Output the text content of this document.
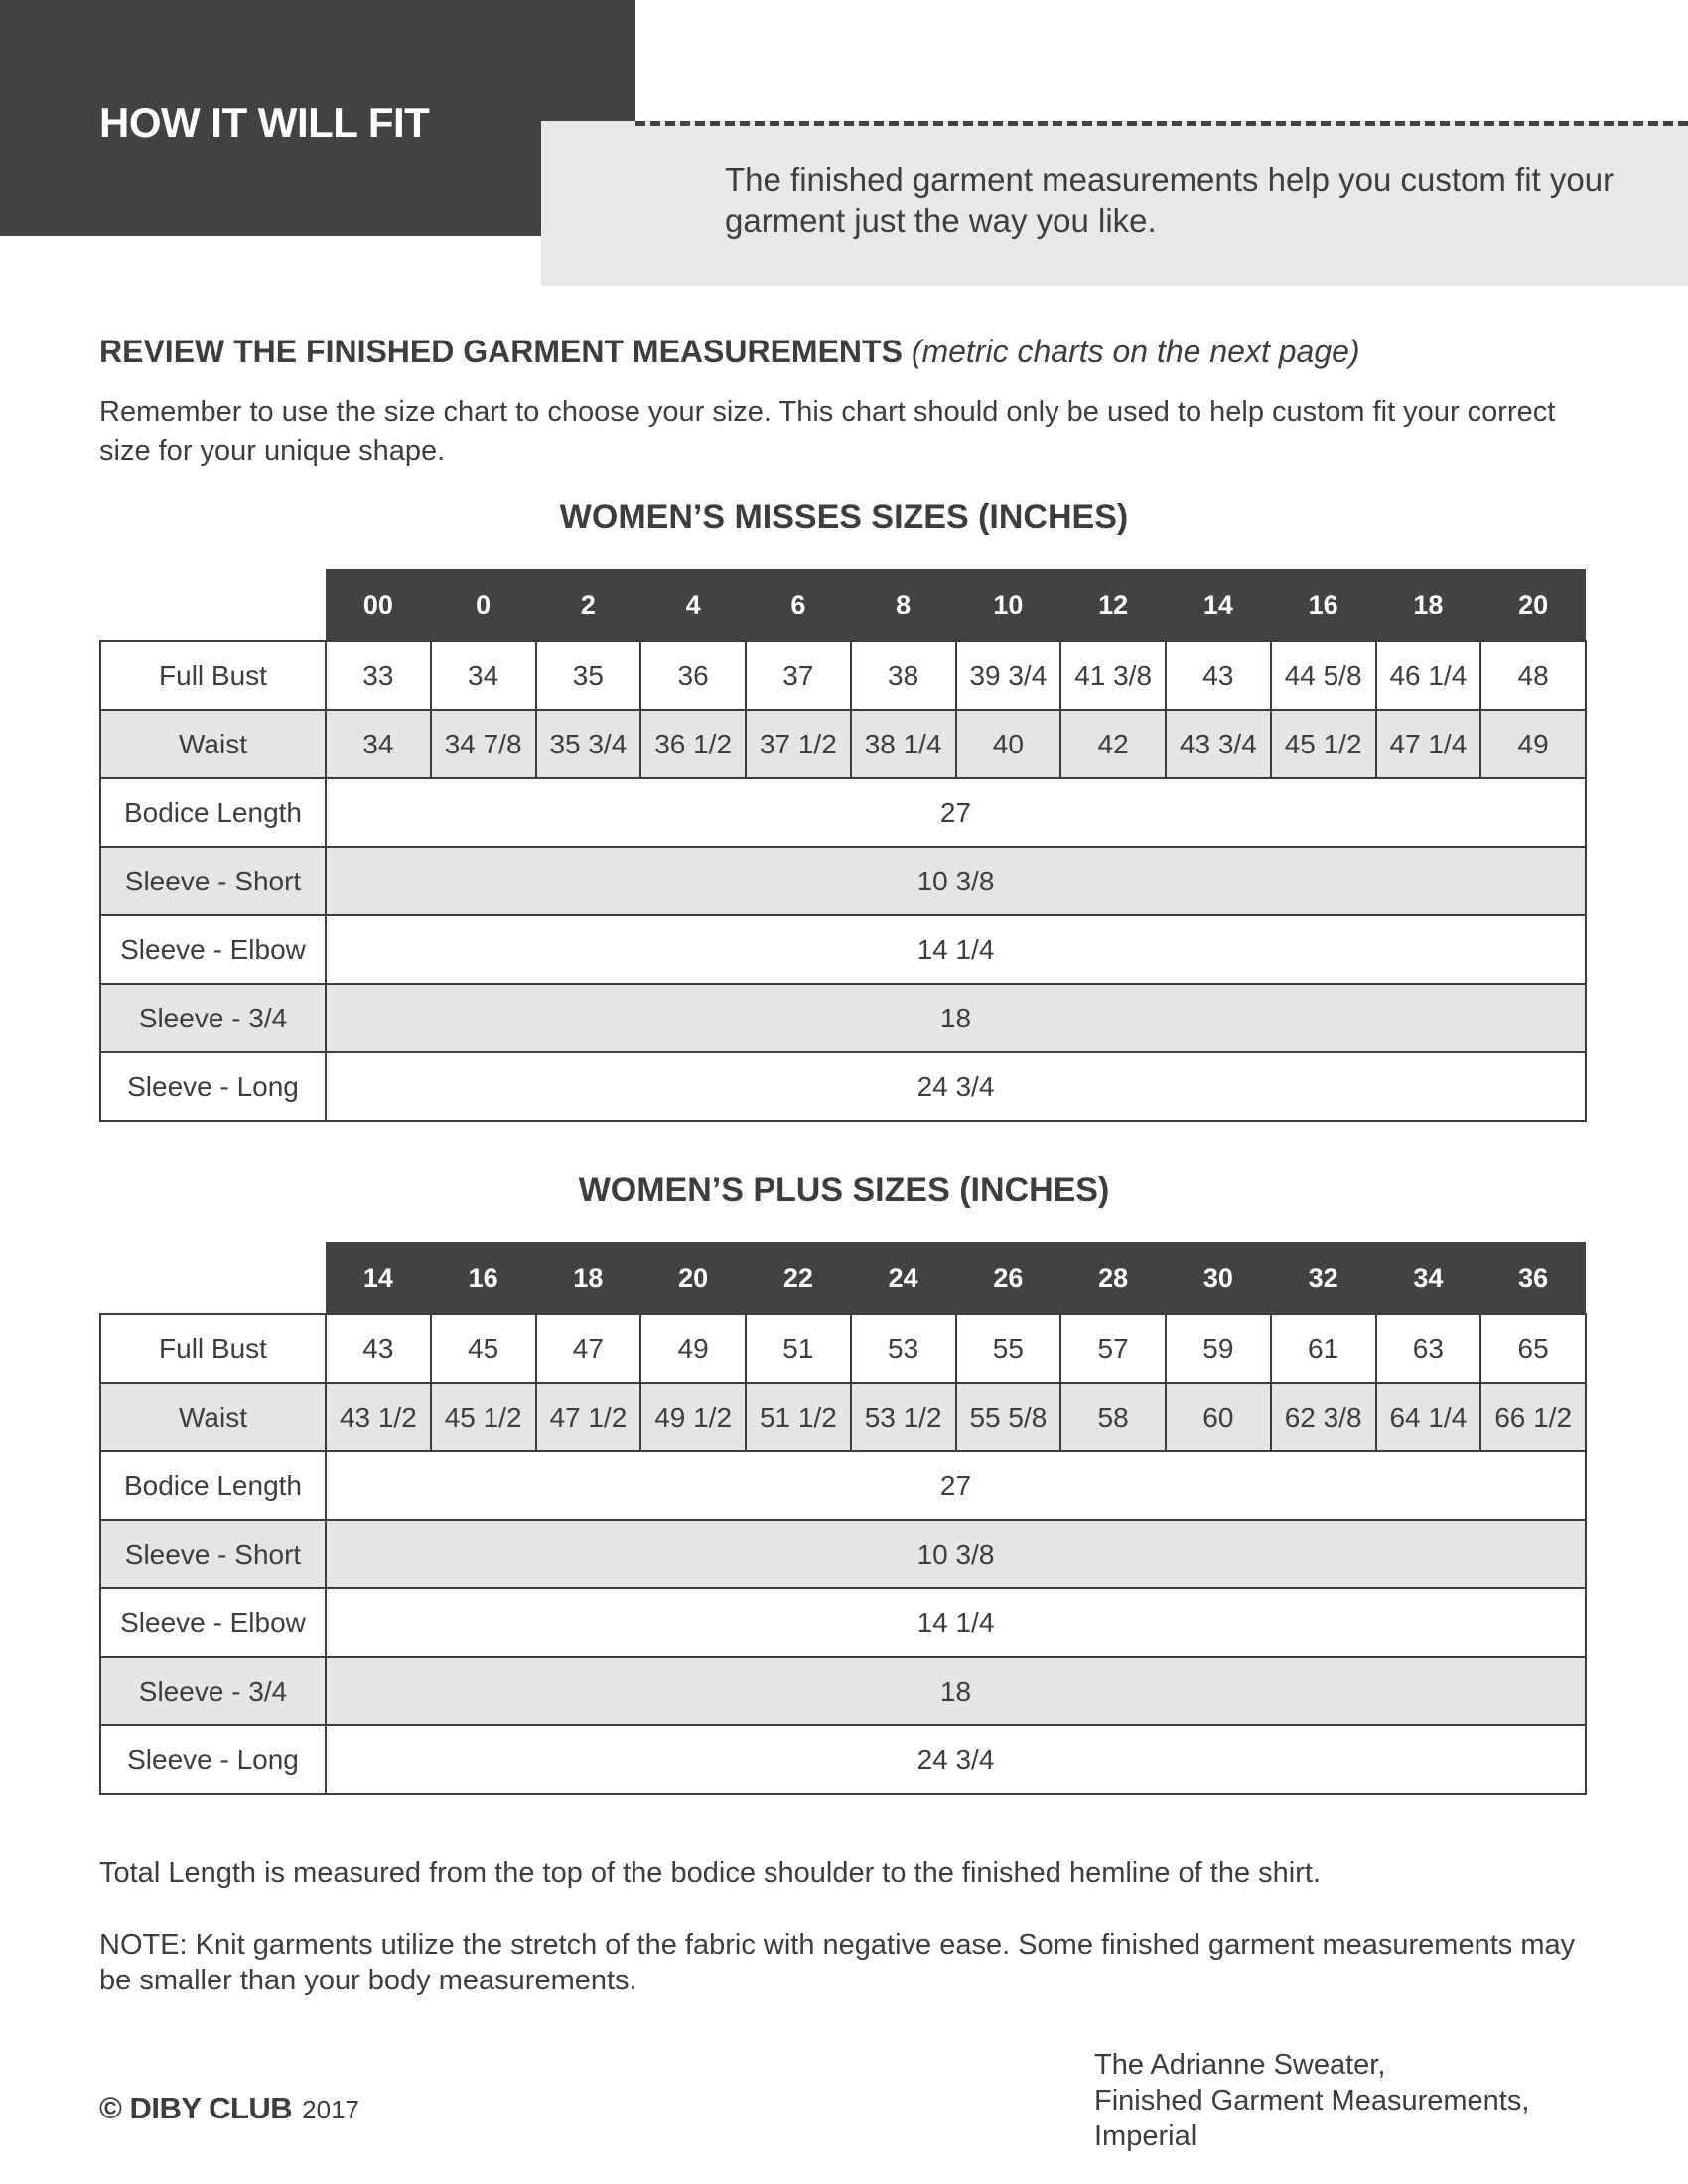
HOW IT WILL FIT
The finished garment measurements help you custom fit your garment just the way you like.
REVIEW THE FINISHED GARMENT MEASUREMENTS (metric charts on the next page)
Remember to use the size chart to choose your size. This chart should only be used to help custom fit your correct size for your unique shape.
WOMEN’S MISSES SIZES (INCHES)
	00	0	2	4	6	8	10	12	14	16	18	20
Full Bust	33	34	35	36	37	38	39 3/4	41 3/8	43	44 5/8	46 1/4	48
Waist	34	34 7/8	35 3/4	36 1/2	37 1/2	38 1/4	40	42	43 3/4	45 1/2	47 1/4	49
Bodice Length	27											
Sleeve - Short	10 3/8											
Sleeve - Elbow	14 1/4											
Sleeve - 3/4	18											
Sleeve - Long	24 3/4											
WOMEN’S PLUS SIZES (INCHES)
	14	16	18	20	22	24	26	28	30	32	34	36
Full Bust	43	45	47	49	51	53	55	57	59	61	63	65
Waist	43 1/2	45 1/2	47 1/2	49 1/2	51 1/2	53 1/2	55 5/8	58	60	62 3/8	64 1/4	66 1/2
Bodice Length	27											
Sleeve - Short	10 3/8											
Sleeve - Elbow	14 1/4											
Sleeve - 3/4	18											
Sleeve - Long	24 3/4											

Total Length is measured from the top of the bodice shoulder to the finished hemline of the shirt.

NOTE: Knit garments utilize the stretch of the fabric with negative ease. Some finished garment measurements may be smaller than your body measurements.

© DIBY CLUB 2017
The Adrianne Sweater,
Finished Garment Measurements,
Imperial
